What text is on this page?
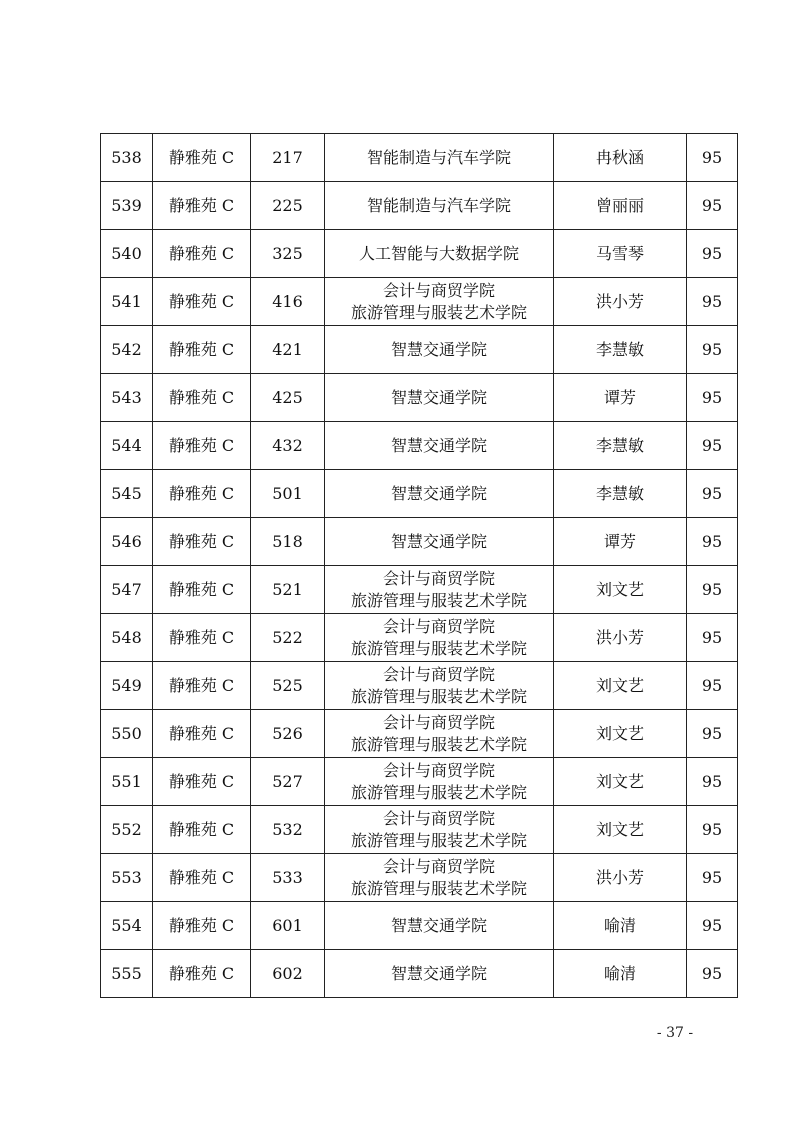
538	静雅苑 C	217	智能制造与汽车学院	冉秋涵	95
539	静雅苑 C	225	智能制造与汽车学院	曾丽丽	95
540	静雅苑 C	325	人工智能与大数据学院	马雪琴	95
541	静雅苑 C	416	会计与商贸学院
旅游管理与服装艺术学院	洪小芳	95
542	静雅苑 C	421	智慧交通学院	李慧敏	95
543	静雅苑 C	425	智慧交通学院	谭芳	95
544	静雅苑 C	432	智慧交通学院	李慧敏	95
545	静雅苑 C	501	智慧交通学院	李慧敏	95
546	静雅苑 C	518	智慧交通学院	谭芳	95
547	静雅苑 C	521	会计与商贸学院
旅游管理与服装艺术学院	刘文艺	95
548	静雅苑 C	522	会计与商贸学院
旅游管理与服装艺术学院	洪小芳	95
549	静雅苑 C	525	会计与商贸学院
旅游管理与服装艺术学院	刘文艺	95
550	静雅苑 C	526	会计与商贸学院
旅游管理与服装艺术学院	刘文艺	95
551	静雅苑 C	527	会计与商贸学院
旅游管理与服装艺术学院	刘文艺	95
552	静雅苑 C	532	会计与商贸学院
旅游管理与服装艺术学院	刘文艺	95
553	静雅苑 C	533	会计与商贸学院
旅游管理与服装艺术学院	洪小芳	95
554	静雅苑 C	601	智慧交通学院	喻清	95
555	静雅苑 C	602	智慧交通学院	喻清	95
- 37 -
